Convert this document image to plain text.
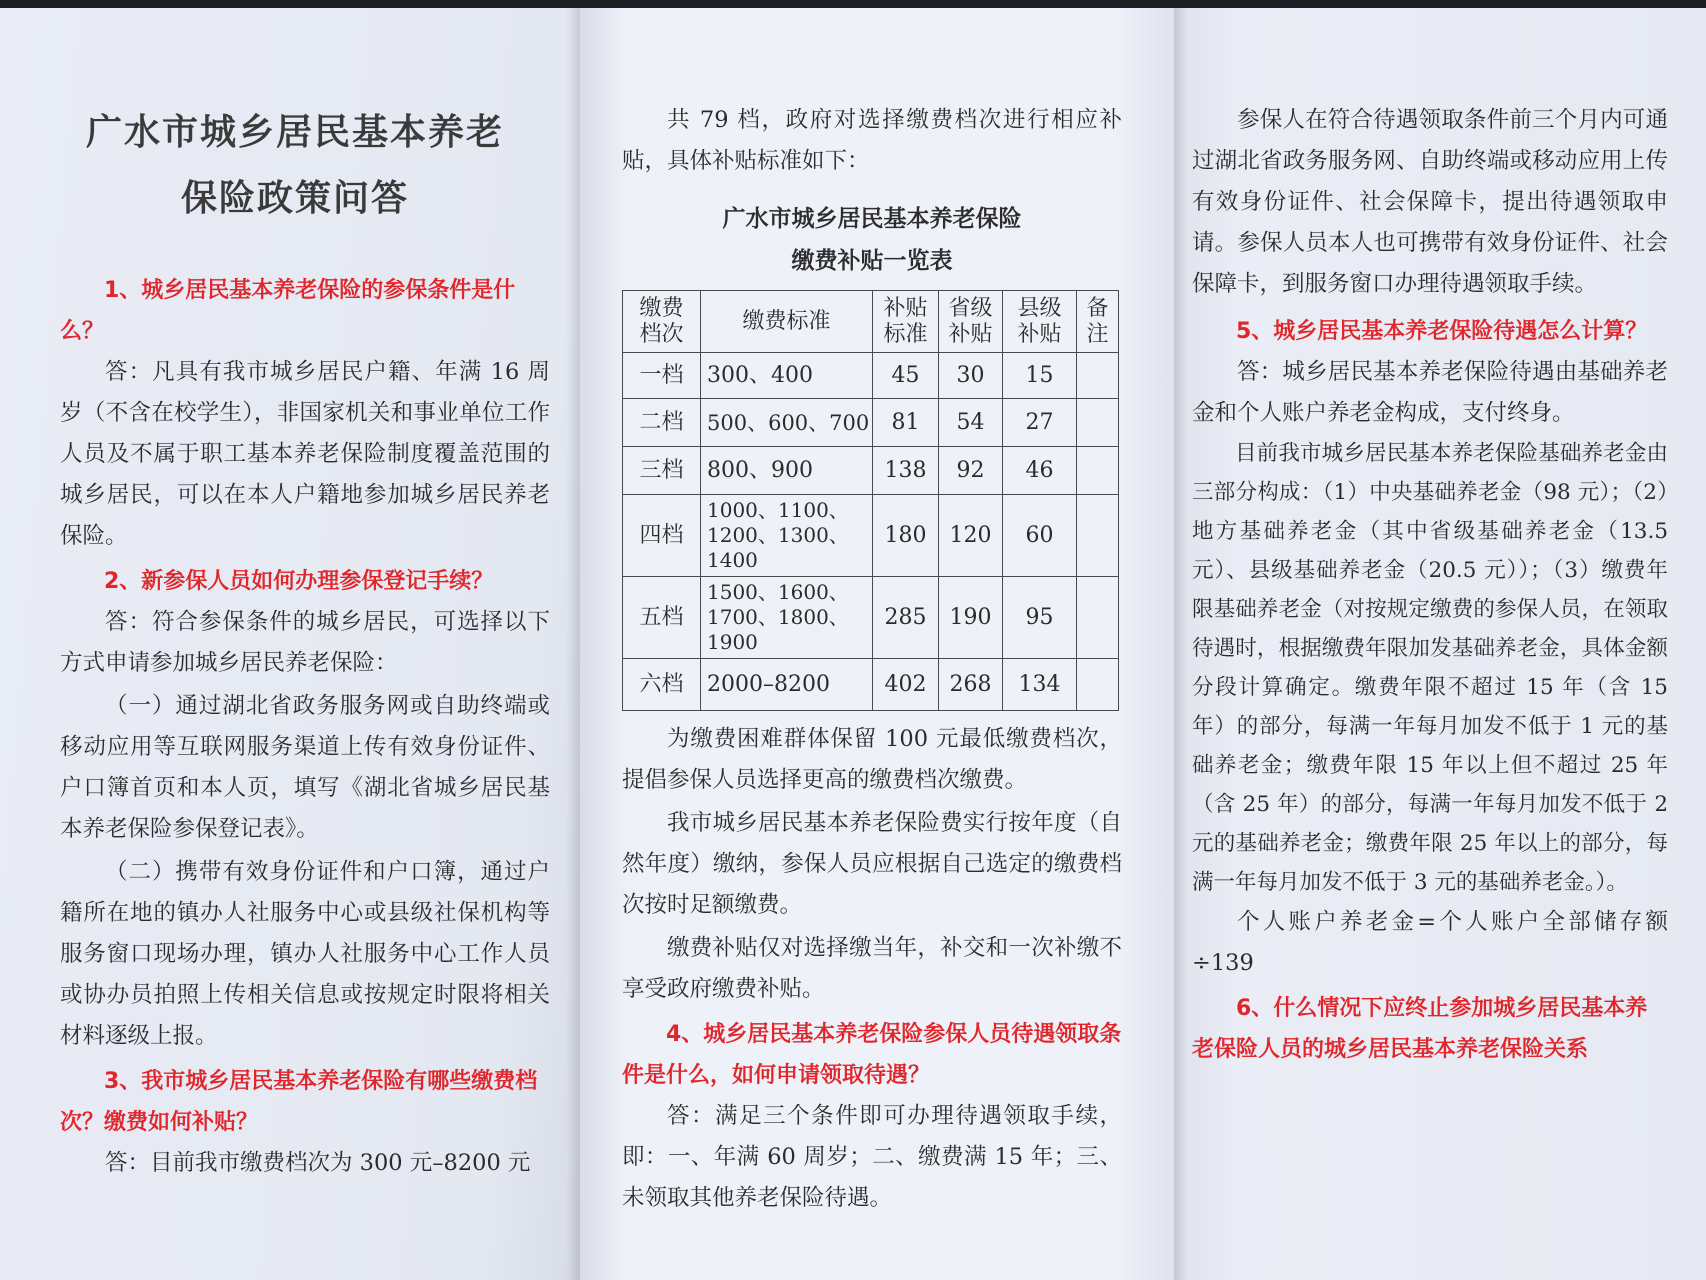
广水市城乡居民基本养老
保险政策问答

1、城乡居民基本养老保险的参保条件是什么？

答：凡具有我市城乡居民户籍、年满 16 周岁（不含在校学生），非国家机关和事业单位工作人员及不属于职工基本养老保险制度覆盖范围的城乡居民，可以在本人户籍地参加城乡居民养老保险。

2、新参保人员如何办理参保登记手续？

答：符合参保条件的城乡居民，可选择以下方式申请参加城乡居民养老保险：

（一）通过湖北省政务服务网或自助终端或移动应用等互联网服务渠道上传有效身份证件、户口簿首页和本人页，填写《湖北省城乡居民基本养老保险参保登记表》。

（二）携带有效身份证件和户口簿，通过户籍所在地的镇办人社服务中心或县级社保机构等服务窗口现场办理，镇办人社服务中心工作人员或协办员拍照上传相关信息或按规定时限将相关材料逐级上报。

3、我市城乡居民基本养老保险有哪些缴费档次？缴费如何补贴？

答：目前我市缴费档次为 300 元–8200 元

共 79 档，政府对选择缴费档次进行相应补贴，具体补贴标准如下：

广水市城乡居民基本养老保险
缴费补贴一览表
缴费档次	缴费标准	补贴标准	省级补贴	县级补贴	备注
一档	300、400	45	30	15	
二档	500、600、700	81	54	27	
三档	800、900	138	92	46	
四档	1000、1100、1200、1300、1400	180	120	60	
五档	1500、1600、1700、1800、1900	285	190	95	
六档	2000–8200	402	268	134	

为缴费困难群体保留 100 元最低缴费档次，提倡参保人员选择更高的缴费档次缴费。

我市城乡居民基本养老保险费实行按年度（自然年度）缴纳，参保人员应根据自己选定的缴费档次按时足额缴费。

缴费补贴仅对选择缴当年，补交和一次补缴不享受政府缴费补贴。

4、城乡居民基本养老保险参保人员待遇领取条件是什么，如何申请领取待遇？

答：满足三个条件即可办理待遇领取手续，即：一、年满 60 周岁；二、缴费满 15 年；三、未领取其他养老保险待遇。

参保人在符合待遇领取条件前三个月内可通过湖北省政务服务网、自助终端或移动应用上传有效身份证件、社会保障卡，提出待遇领取申请。参保人员本人也可携带有效身份证件、社会保障卡，到服务窗口办理待遇领取手续。

5、城乡居民基本养老保险待遇怎么计算？

答：城乡居民基本养老保险待遇由基础养老金和个人账户养老金构成，支付终身。

目前我市城乡居民基本养老保险基础养老金由三部分构成：（1）中央基础养老金（98 元）；（2）地方基础养老金（其中省级基础养老金（13.5 元）、县级基础养老金（20.5 元））；（3）缴费年限基础养老金（对按规定缴费的参保人员，在领取待遇时，根据缴费年限加发基础养老金，具体金额分段计算确定。缴费年限不超过 15 年（含 15 年）的部分，每满一年每月加发不低于 1 元的基础养老金；缴费年限 15 年以上但不超过 25 年（含 25 年）的部分，每满一年每月加发不低于 2 元的基础养老金；缴费年限 25 年以上的部分，每满一年每月加发不低于 3 元的基础养老金。）。

个人账户养老金=个人账户全部储存额÷139

6、什么情况下应终止参加城乡居民基本养老保险人员的城乡居民基本养老保险关系
